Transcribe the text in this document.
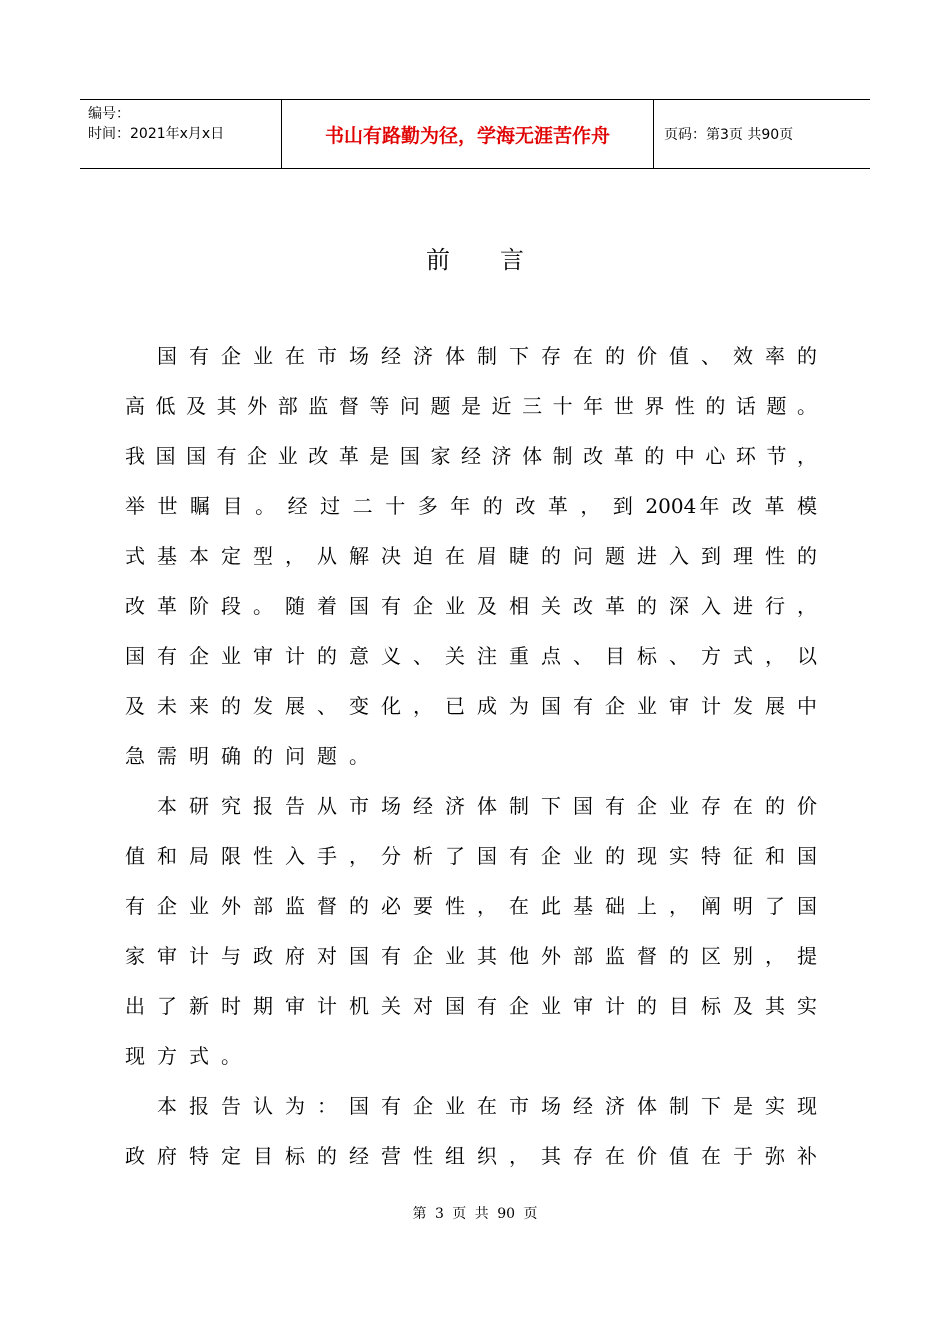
编号：
时间：2021年x月x日	书山有路勤为径，学海无涯苦作舟	页码：第3页 共90页
前言
国 有 企 业 在 市 场 经 济 体 制 下 存 在 的 价 值 、 效 率 的
高 低 及 其 外 部 监 督 等 问 题 是 近 三 十 年 世 界 性 的 话 题 。
我 国 国 有 企 业 改 革 是 国 家 经 济 体 制 改 革 的 中 心 环 节 ，
举 世 瞩 目 。 经 过 二 十 多 年 的 改 革 ， 到 2004年 改 革 模
式 基 本 定 型 ， 从 解 决 迫 在 眉 睫 的 问 题 进 入 到 理 性 的
改 革 阶 段 。 随 着 国 有 企 业 及 相 关 改 革 的 深 入 进 行 ，
国 有 企 业 审 计 的 意 义 、 关 注 重 点 、 目 标 、 方 式 ， 以
及 未 来 的 发 展 、 变 化 ， 已 成 为 国 有 企 业 审 计 发 展 中
急需明确的问题。
本 研 究 报 告 从 市 场 经 济 体 制 下 国 有 企 业 存 在 的 价
值 和 局 限 性 入 手 ， 分 析 了 国 有 企 业 的 现 实 特 征 和 国
有 企 业 外 部 监 督 的 必 要 性 ， 在 此 基 础 上 ， 阐 明 了 国
家 审 计 与 政 府 对 国 有 企 业 其 他 外 部 监 督 的 区 别 ， 提
出 了 新 时 期 审 计 机 关 对 国 有 企 业 审 计 的 目 标 及 其 实
现方式。
本 报 告 认 为 ： 国 有 企 业 在 市 场 经 济 体 制 下 是 实 现
政 府 特 定 目 标 的 经 营 性 组 织 ， 其 存 在 价 值 在 于 弥 补
第 3 页 共 90 页
